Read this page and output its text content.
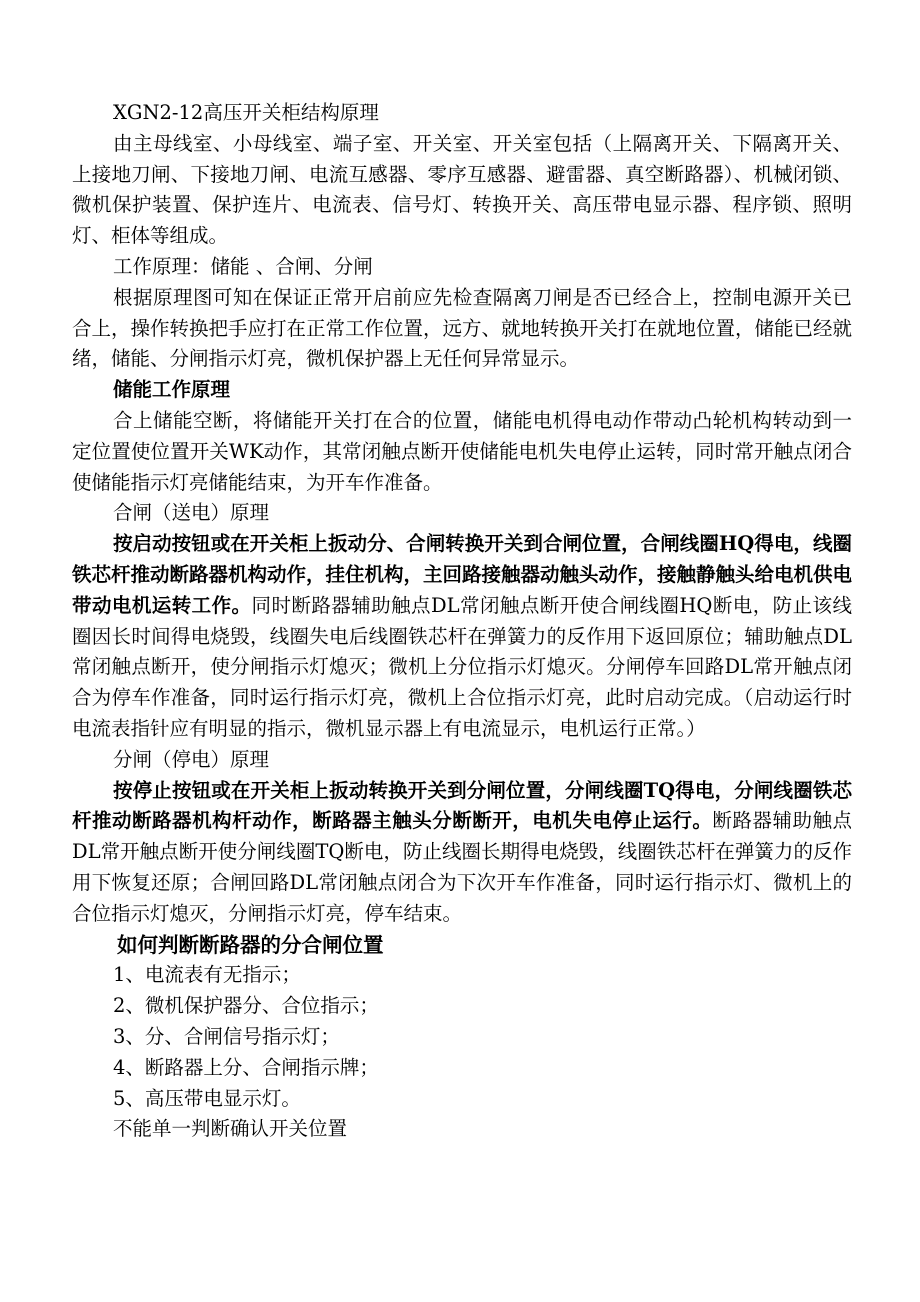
XGN2-12高压开关柜结构原理

由主母线室、小母线室、端子室、开关室、开关室包括（上隔离开关、下隔离开关、上接地刀闸、下接地刀闸、电流互感器、零序互感器、避雷器、真空断路器）、机械闭锁、微机保护装置、保护连片、电流表、信号灯、转换开关、高压带电显示器、程序锁、照明灯、柜体等组成。

工作原理：储能 、合闸、分闸

根据原理图可知在保证正常开启前应先检查隔离刀闸是否已经合上，控制电源开关已合上，操作转换把手应打在正常工作位置，远方、就地转换开关打在就地位置，储能已经就绪，储能、分闸指示灯亮，微机保护器上无任何异常显示。

储能工作原理

合上储能空断，将储能开关打在合的位置，储能电机得电动作带动凸轮机构转动到一定位置使位置开关WK动作，其常闭触点断开使储能电机失电停止运转，同时常开触点闭合使储能指示灯亮储能结束，为开车作准备。

合闸（送电）原理

按启动按钮或在开关柜上扳动分、合闸转换开关到合闸位置，合闸线圈HQ得电，线圈铁芯杆推动断路器机构动作，挂住机构，主回路接触器动触头动作，接触静触头给电机供电带动电机运转工作。同时断路器辅助触点DL常闭触点断开使合闸线圈HQ断电，防止该线圈因长时间得电烧毁，线圈失电后线圈铁芯杆在弹簧力的反作用下返回原位；辅助触点DL常闭触点断开，使分闸指示灯熄灭；微机上分位指示灯熄灭。分闸停车回路DL常开触点闭合为停车作准备，同时运行指示灯亮，微机上合位指示灯亮，此时启动完成。（启动运行时电流表指针应有明显的指示，微机显示器上有电流显示，电机运行正常。）

分闸（停电）原理

按停止按钮或在开关柜上扳动转换开关到分闸位置，分闸线圈TQ得电，分闸线圈铁芯杆推动断路器机构杆动作，断路器主触头分断断开，电机失电停止运行。断路器辅助触点DL常开触点断开使分闸线圈TQ断电，防止线圈长期得电烧毁，线圈铁芯杆在弹簧力的反作用下恢复还原；合闸回路DL常闭触点闭合为下次开车作准备，同时运行指示灯、微机上的合位指示灯熄灭，分闸指示灯亮，停车结束。

如何判断断路器的分合闸位置

1、电流表有无指示；

2、微机保护器分、合位指示；

3、分、合闸信号指示灯；

4、断路器上分、合闸指示牌；

5、高压带电显示灯。

不能单一判断确认开关位置
